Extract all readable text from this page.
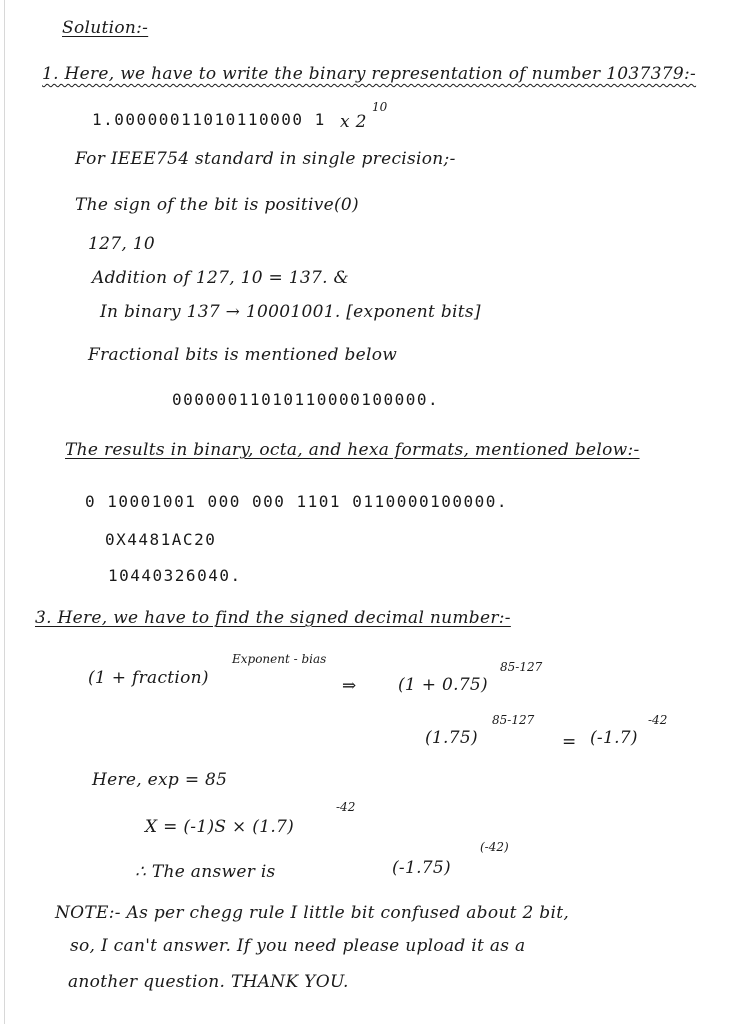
Solution:-
1. Here, we have to write the binary representation of number 1037379:-
1.00000011010110000 1 x 2
10
For IEEE754 standard in single precision;-
The sign of the bit is positive(0)
127, 10
Addition of 127, 10 = 137. &
In binary 137 → 10001001. [exponent bits]
Fractional bits is mentioned below
00000011010110000100000.
The results in binary, octa, and hexa formats, mentioned below:-
0 10001001 000 000 1101 0110000100000.
0X4481AC20
10440326040.
3. Here, we have to find the signed decimal number:-
(1 + fraction)
Exponent - bias
⇒ (1 + 0.75)
85-127
(1.75)
85-127
= (-1.7)
-42
Here, exp = 85
X = (-1)S × (1.7)
-42
∴ The answer is	(-1.75)
(-42)
NOTE:- As per chegg rule I little bit confused about 2 bit,
so, I can't answer. If you need please upload it as a
another question. THANK YOU.
